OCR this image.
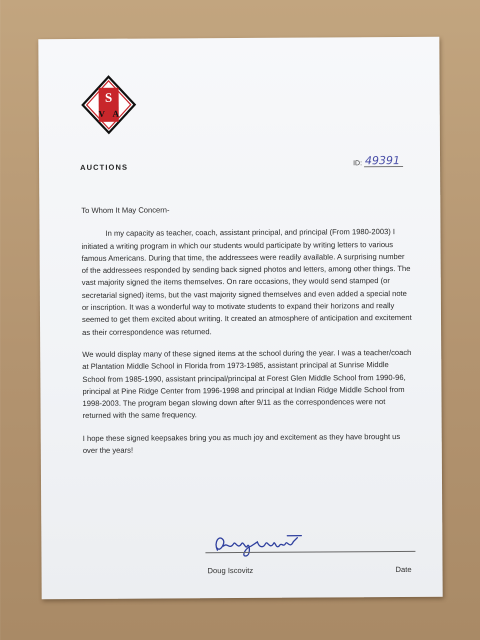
S
V A
AUCTIONS	ID: 49391

To Whom It May Concern-

In my capacity as teacher, coach, assistant principal, and principal (From 1980-2003) I initiated a writing program in which our students would participate by writing letters to various famous Americans. During that time, the addressees were readily available. A surprising number of the addressees responded by sending back signed photos and letters, among other things. The vast majority signed the items themselves. On rare occasions, they would send stamped (or secretarial signed) items, but the vast majority signed themselves and even added a special note or inscription. It was a wonderful way to motivate students to expand their horizons and really seemed to get them excited about writing. It created an atmosphere of anticipation and excitement as their correspondence was returned.

We would display many of these signed items at the school during the year. I was a teacher/coach at Plantation Middle School in Florida from 1973-1985, assistant principal at Sunrise Middle School from 1985-1990, assistant principal/principal at Forest Glen Middle School from 1990-96, principal at Pine Ridge Center from 1996-1998 and principal at Indian Ridge Middle School from 1998-2003. The program began slowing down after 9/11 as the correspondences were not returned with the same frequency.

I hope these signed keepsakes bring you as much joy and excitement as they have brought us over the years!

Doug Iscovitz	Date
